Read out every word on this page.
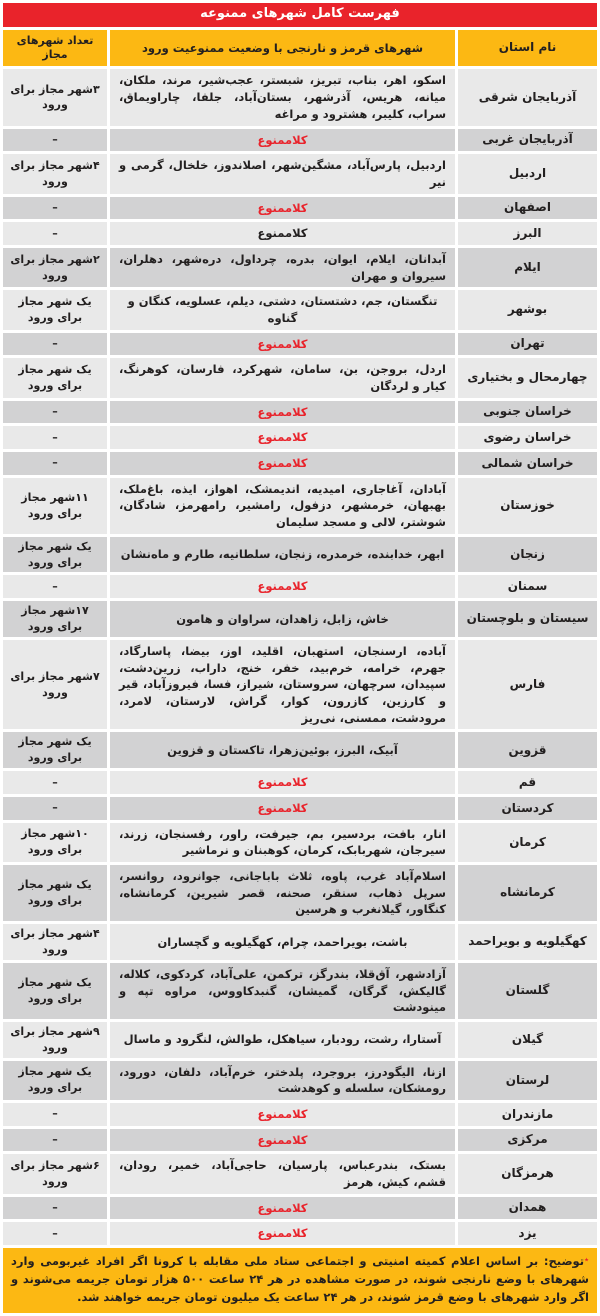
فهرست کامل شهرهای ممنوعه
نام استان
شهرهای قرمز و نارنجی با وضعیت ممنوعیت ورود
تعداد شهرهای مجاز
آذربایجان شرقی
اسکو، اهر، بناب، تبریز، شبستر، عجب‌شیر، مرند، ملکان، میانه، هریس، آذرشهر، بستان‌آباد، جلفا، چاراویماق، سراب، کلیبر، هشترود و مراغه
۳شهر مجاز برای ورود
آذربایجان غربی
کلاممنوع
–
اردبیل
اردبیل، پارس‌آباد، مشگین‌شهر، اصلاندوز، خلخال، گرمی و نیر
۴شهر مجاز برای ورود
اصفهان
کلاممنوع
–
البرز
کلاممنوع
–
ایلام
آبدانان، ایلام، ایوان، بدره، چرداول، دره‌شهر، دهلران، سیروان و مهران
۲شهر مجاز برای ورود
بوشهر
تنگستان، جم، دشتستان، دشتی، دیلم، عسلویه، کنگان و گناوه
یک شهر مجاز برای ورود
تهران
کلاممنوع
–
چهارمحال و بختیاری
اردل، بروجن، بن، سامان، شهرکرد، فارسان، کوهرنگ، کیار و لردگان
یک شهر مجاز برای ورود
خراسان جنوبی
کلاممنوع
–
خراسان رضوی
کلاممنوع
–
خراسان شمالی
کلاممنوع
–
خوزستان
آبادان، آغاجاری، امیدیه، اندیمشک، اهواز، ایذه، باغ‌ملک، بهبهان، خرمشهر، دزفول، رامشیر، رامهرمز، شادگان، شوشتر، لالی و مسجد سلیمان
۱۱شهر مجاز برای ورود
زنجان
ابهر، خدابنده، خرمدره، زنجان، سلطانیه، طارم و ماه‌نشان
یک شهر مجاز برای ورود
سمنان
کلاممنوع
–
سیستان و بلوچستان
خاش، زابل، زاهدان، سراوان و هامون
۱۷شهر مجاز برای ورود
فارس
آباده، ارسنجان، استهبان، اقلید، اوز، بیضا، پاسارگاد، جهرم، خرامه، خرم‌بید، خفر، خنج، داراب، زرین‌دشت، سپیدان، سرچهان، سروستان، شیراز، فسا، فیروزآباد، قیر و کارزین، کازرون، کوار، گراش، لارستان، لامرد، مرودشت، ممسنی، نی‌ریز
۷شهر مجاز برای ورود
قزوین
آبیک، البرز، بوئین‌زهرا، تاکستان و قزوین
یک شهر مجاز برای ورود
قم
کلاممنوع
–
کردستان
کلاممنوع
–
کرمان
انار، بافت، بردسیر، بم، جیرفت، راور، رفسنجان، زرند، سیرجان، شهربابک، کرمان، کوهبنان و نرماشیر
۱۰شهر مجاز برای ورود
کرمانشاه
اسلام‌آباد غرب، پاوه، ثلاث باباجانی، جوانرود، روانسر، سرپل ذهاب، سنقر، صحنه، قصر شیرین، کرمانشاه، کنگاور، گیلانغرب و هرسین
یک شهر مجاز برای ورود
کهگیلویه و بویراحمد
باشت، بویراحمد، چرام، کهگیلویه و گچساران
۴شهر مجاز برای ورود
گلستان
آزادشهر، آق‌قلا، بندرگز، ترکمن، علی‌آباد، کردکوی، کلاله، گالیکش، گرگان، گمیشان، گنبدکاووس، مراوه تپه و مینودشت
یک شهر مجاز برای ورود
گیلان
آستارا، رشت، رودبار، سیاهکل، طوالش، لنگرود و ماسال
۹شهر مجاز برای ورود
لرستان
ازنا، الیگودرز، بروجرد، پلدختر، خرم‌آباد، دلفان، دورود، رومشکان، سلسله و کوهدشت
یک شهر مجاز برای ورود
مازندران
کلاممنوع
–
مرکزی
کلاممنوع
–
هرمزگان
بستک، بندرعباس، پارسیان، حاجی‌آباد، خمیر، رودان، قشم، کیش، هرمز
۶شهر مجاز برای ورود
همدان
کلاممنوع
–
یزد
کلاممنوع
–
٭توضیح: بر اساس اعلام کمیته امنیتی و اجتماعی ستاد ملی مقابله با کرونا اگر افراد غیربومی وارد شهرهای با وضع نارنجی شوند، در صورت مشاهده در هر ۲۴ ساعت ۵۰۰ هزار تومان جریمه می‌شوند و اگر وارد شهرهای با وضع قرمز شوند، در هر ۲۴ ساعت یک میلیون تومان جریمه خواهند شد.
